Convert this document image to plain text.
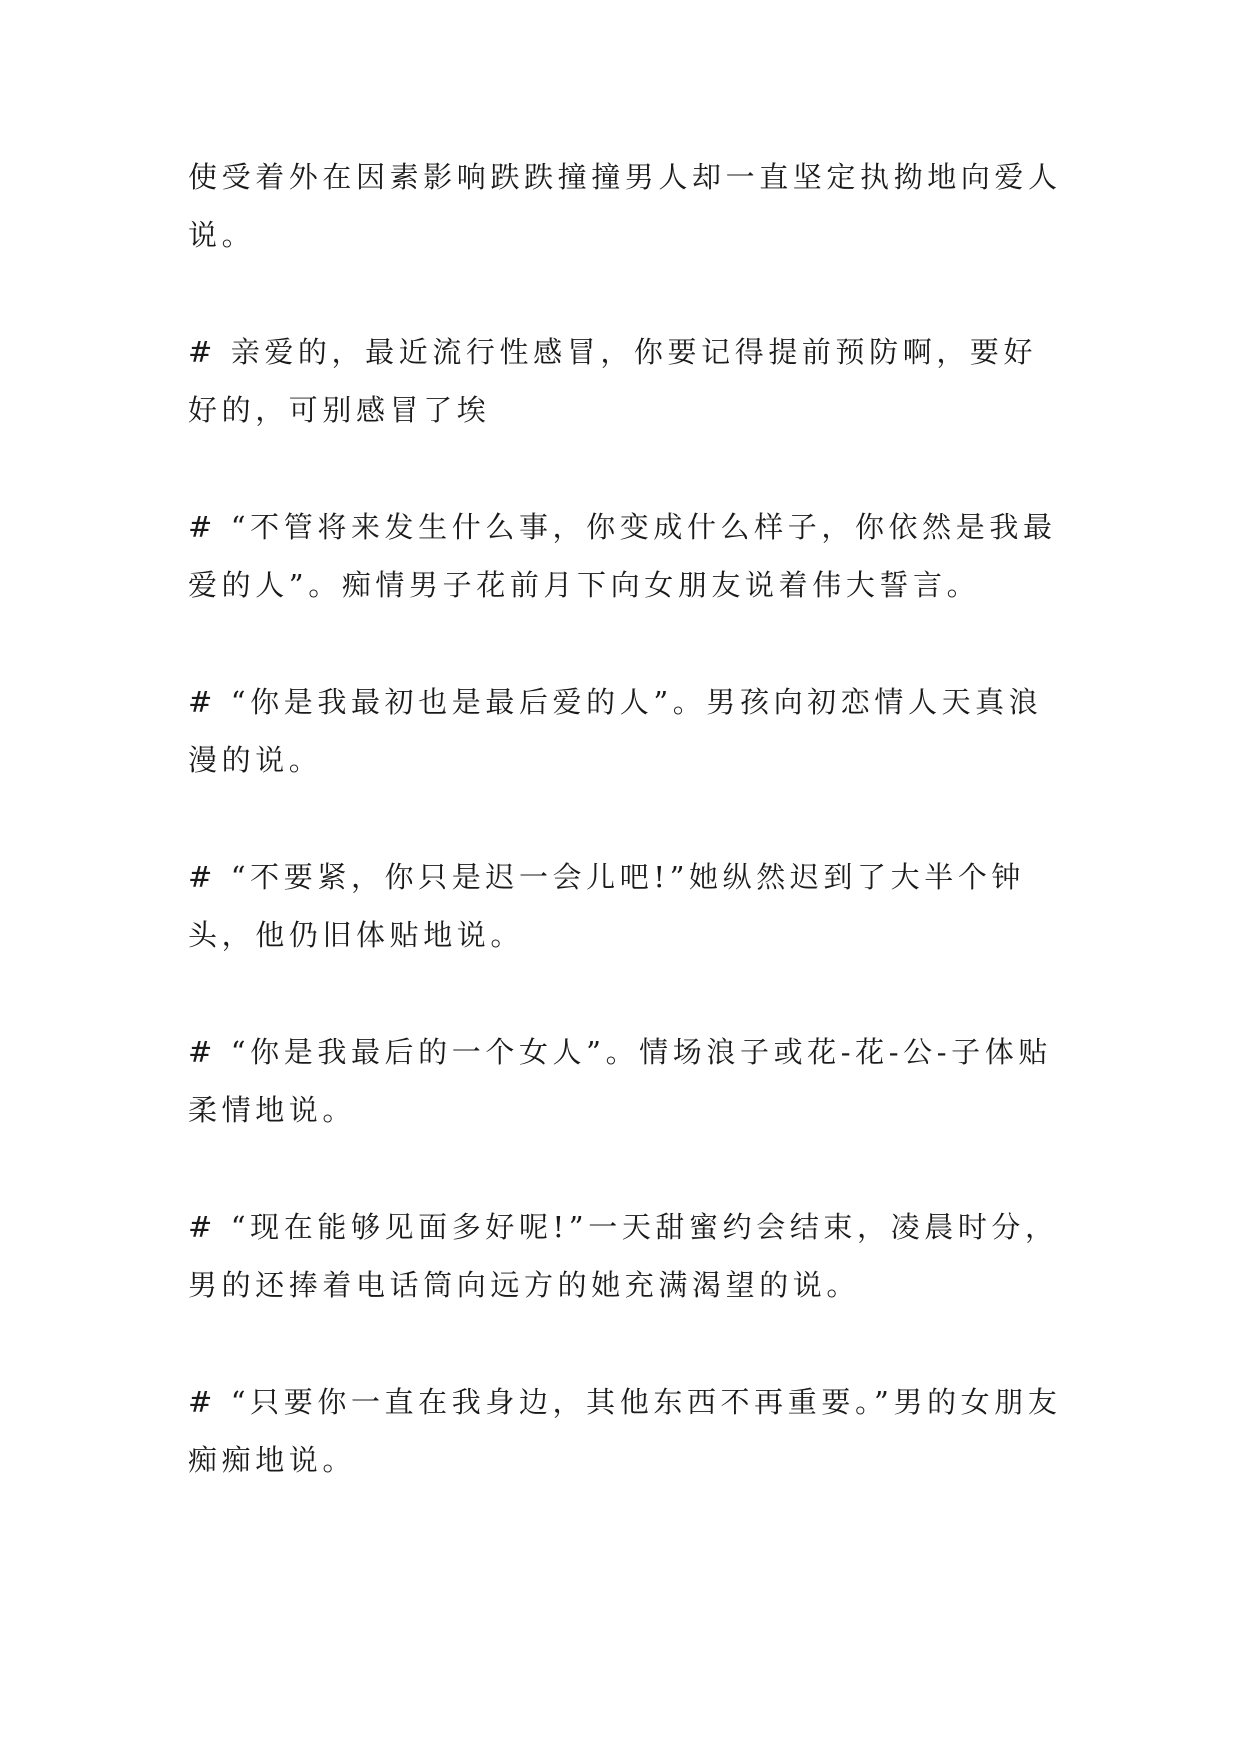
使受着外在因素影响跌跌撞撞男人却一直坚定执拗地向爱人说。

# 亲爱的，最近流行性感冒，你要记得提前预防啊，要好好的，可别感冒了埃

# “不管将来发生什么事，你变成什么样子，你依然是我最爱的人”。痴情男子花前月下向女朋友说着伟大誓言。

# “你是我最初也是最后爱的人”。男孩向初恋情人天真浪漫的说。

# “不要紧，你只是迟一会儿吧!”她纵然迟到了大半个钟头，他仍旧体贴地说。

# “你是我最后的一个女人”。情场浪子或花-花-公-子体贴柔情地说。

# “现在能够见面多好呢!”一天甜蜜约会结束，凌晨时分，男的还捧着电话筒向远方的她充满渴望的说。

# “只要你一直在我身边，其他东西不再重要。”男的女朋友痴痴地说。
